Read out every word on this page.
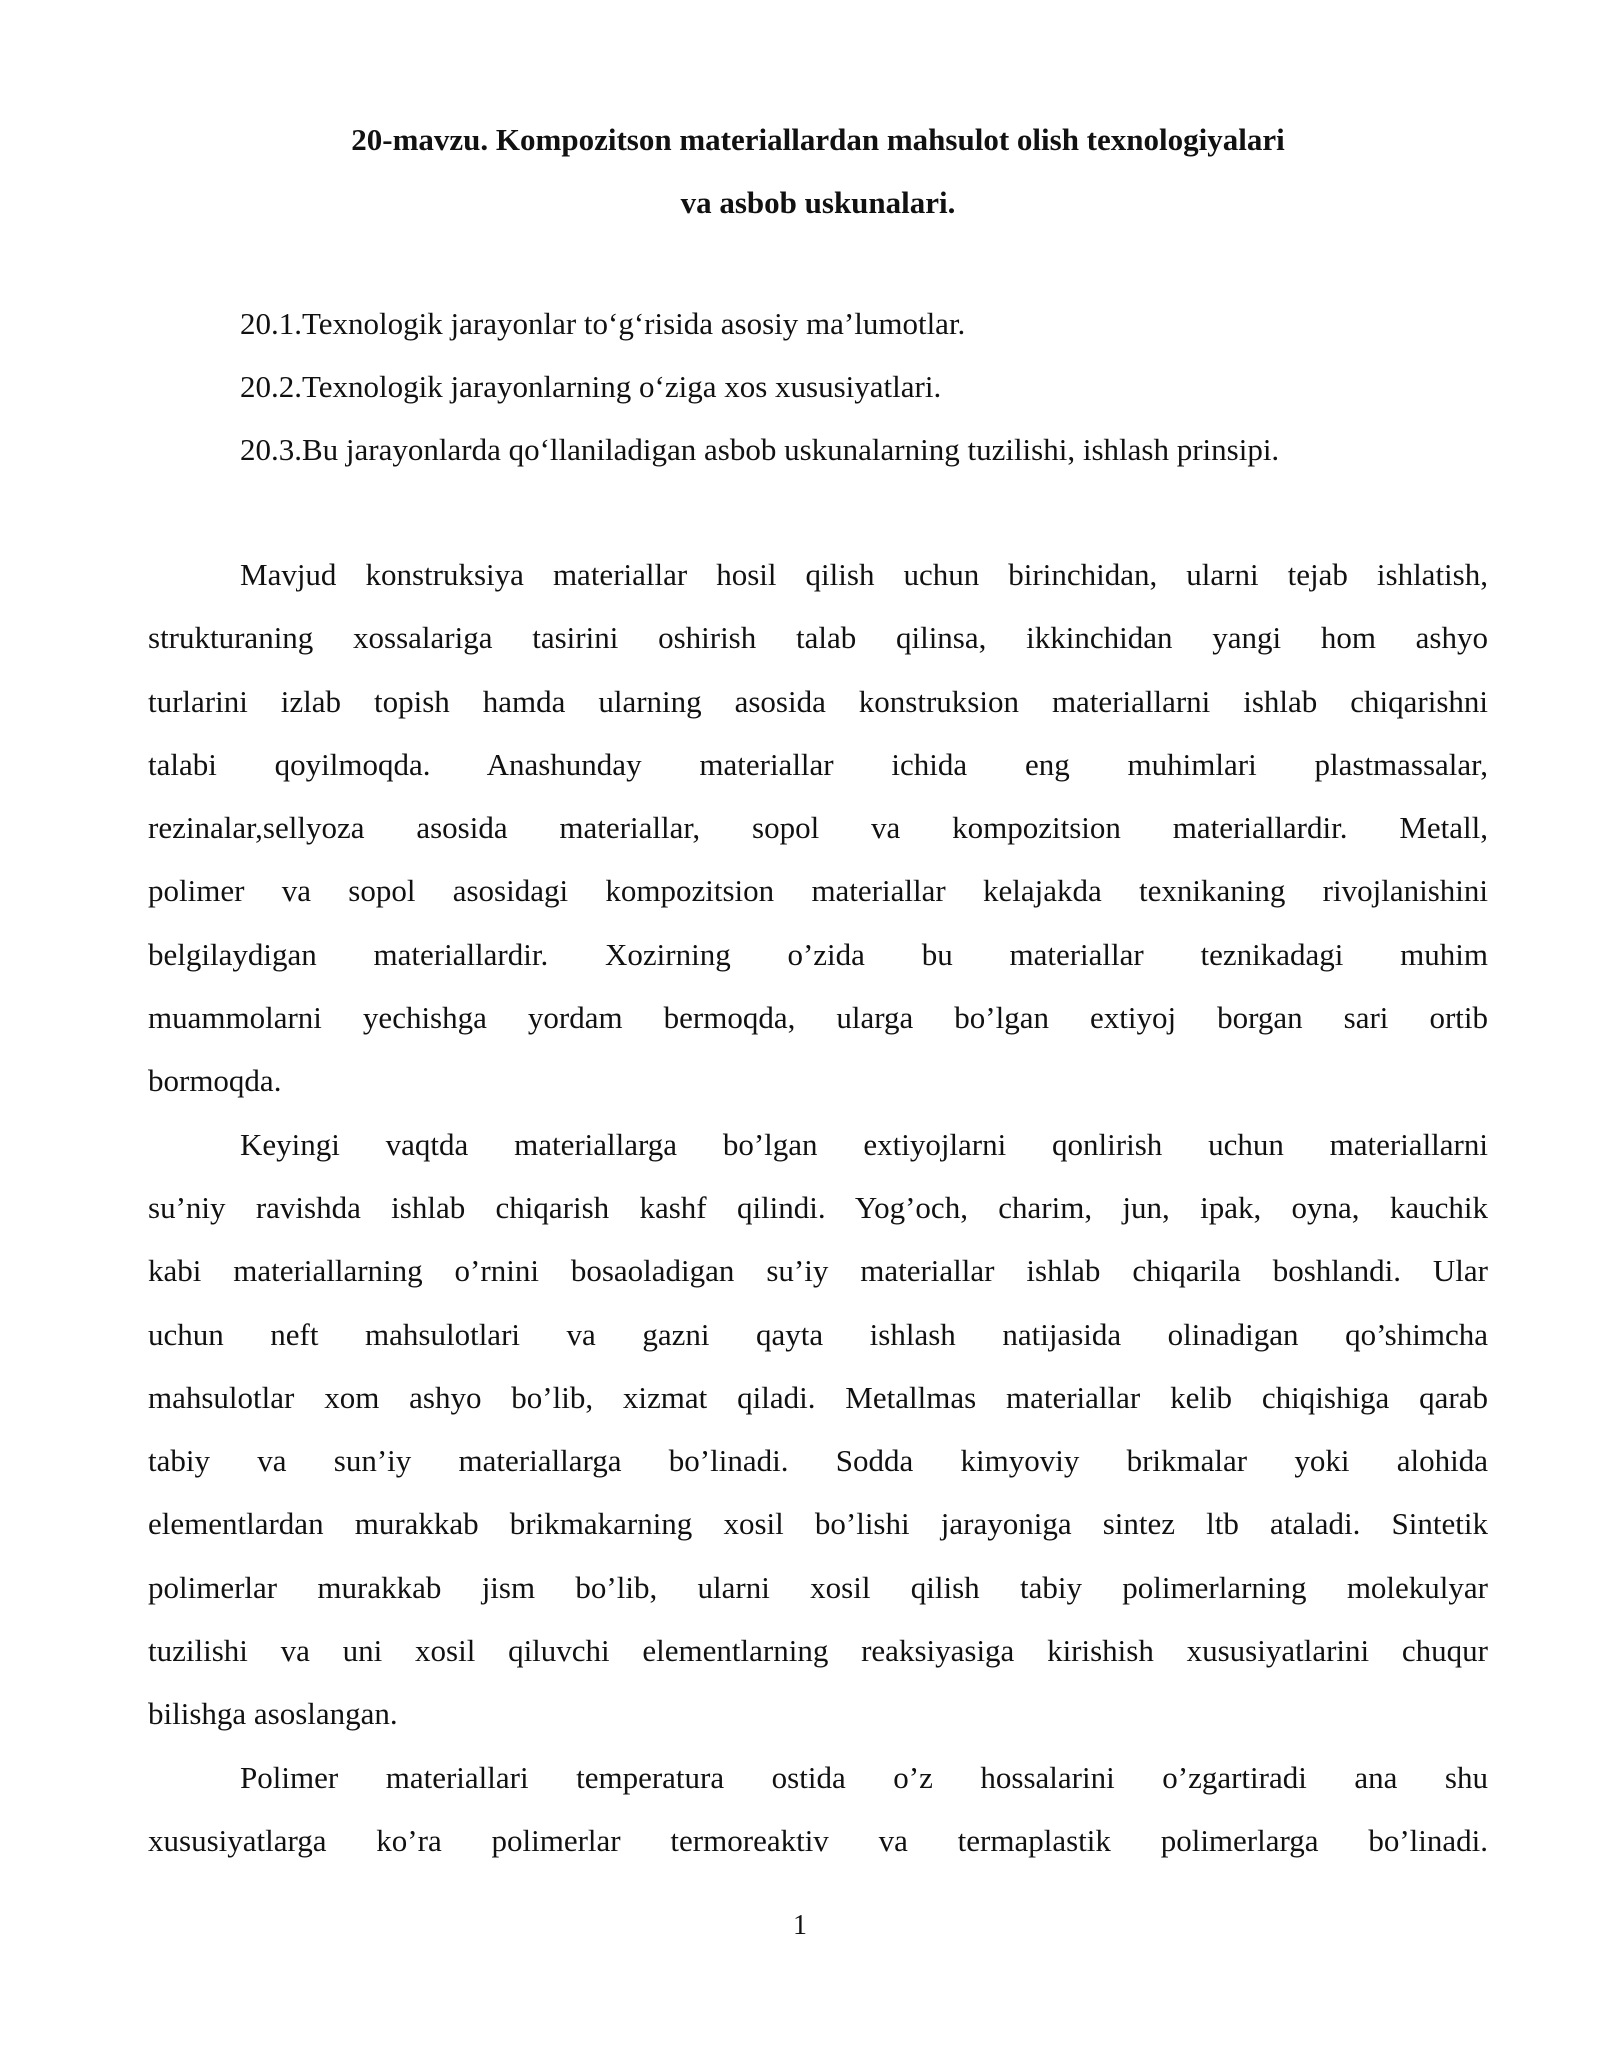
20-mavzu. Kompozitson materiallardan mahsulot olish texnologiyalari
va asbob uskunalari.
20.1.Texnologik jarayonlar to‘g‘risida asosiy ma’lumotlar.
20.2.Texnologik jarayonlarning o‘ziga xos xususiyatlari.
20.3.Bu jarayonlarda qo‘llaniladigan asbob uskunalarning tuzilishi, ishlash prinsipi.

Mavjud konstruksiya materiallar hosil qilish uchun birinchidan, ularni tejab ishlatish,
strukturaning xossalariga tasirini oshirish talab qilinsa, ikkinchidan yangi hom ashyo
turlarini izlab topish hamda ularning asosida konstruksion materiallarni ishlab chiqarishni
talabi qoyilmoqda. Anashunday materiallar ichida eng muhimlari plastmassalar,
rezinalar,sellyoza asosida materiallar, sopol va kompozitsion materiallardir. Metall,
polimer va sopol asosidagi kompozitsion materiallar kelajakda texnikaning rivojlanishini
belgilaydigan materiallardir. Xozirning o’zida bu materiallar teznikadagi muhim
muammolarni yechishga yordam bermoqda, ularga bo’lgan extiyoj borgan sari ortib
bormoqda.

Keyingi vaqtda materiallarga bo’lgan extiyojlarni qonlirish uchun materiallarni
su’niy ravishda ishlab chiqarish kashf qilindi. Yog’och, charim, jun, ipak, oyna, kauchik
kabi materiallarning o’rnini bosaoladigan su’iy materiallar ishlab chiqarila boshlandi. Ular
uchun neft mahsulotlari va gazni qayta ishlash natijasida olinadigan qo’shimcha
mahsulotlar xom ashyo bo’lib, xizmat qiladi. Metallmas materiallar kelib chiqishiga qarab
tabiy va sun’iy materiallarga bo’linadi. Sodda kimyoviy brikmalar yoki alohida
elementlardan murakkab brikmakarning xosil bo’lishi jarayoniga sintez ltb ataladi. Sintetik
polimerlar murakkab jism bo’lib, ularni xosil qilish tabiy polimerlarning molekulyar
tuzilishi va uni xosil qiluvchi elementlarning reaksiyasiga kirishish xususiyatlarini chuqur
bilishga asoslangan.

Polimer materiallari temperatura ostida o’z hossalarini o’zgartiradi ana shu
xususiyatlarga ko’ra polimerlar termoreaktiv va termaplastik polimerlarga bo’linadi.

1
